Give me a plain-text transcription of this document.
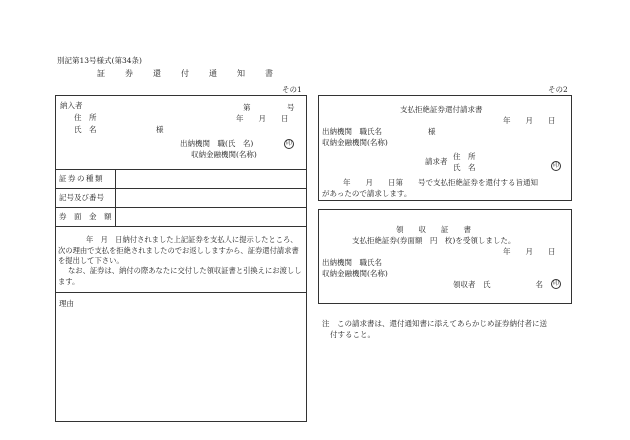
別記第13号様式(第34条)
証　券　還　付　通　知　書
その1
納入者	第	号
住　所	年　　月　　日
氏　名	様
出納機関　職(氏　名)	印
収納金融機関(名称)
証券の種類
記号及び番号
券　面　金　額
年　月　日納付されました上記証券を支払人に提示したところ、次の理由で支払を拒絶されましたのでお返ししますから、証券還付請求書を提出して下さい。
なお、証券は、納付の際あなたに交付した領収証書と引換えにお渡しします。
理由
その2
支払拒絶証券還付請求書
年　　月　　日
出納機関　職氏名	様
収納金融機関(名称)
請求者
住　所
氏　名	印
年　　月　　日第　　号で支払拒絶証券を還付する旨通知
があったので請求します。
領　　収　　証　　書
支払拒絶証券(券面額　円　枚)を受領しました。
年　　月　　日
出納機関　職氏名
収納金融機関(名称)
領収者　氏　　　　　　名	印
注　この請求書は、還付通知書に添えてあらかじめ証券納付者に送
付すること。
